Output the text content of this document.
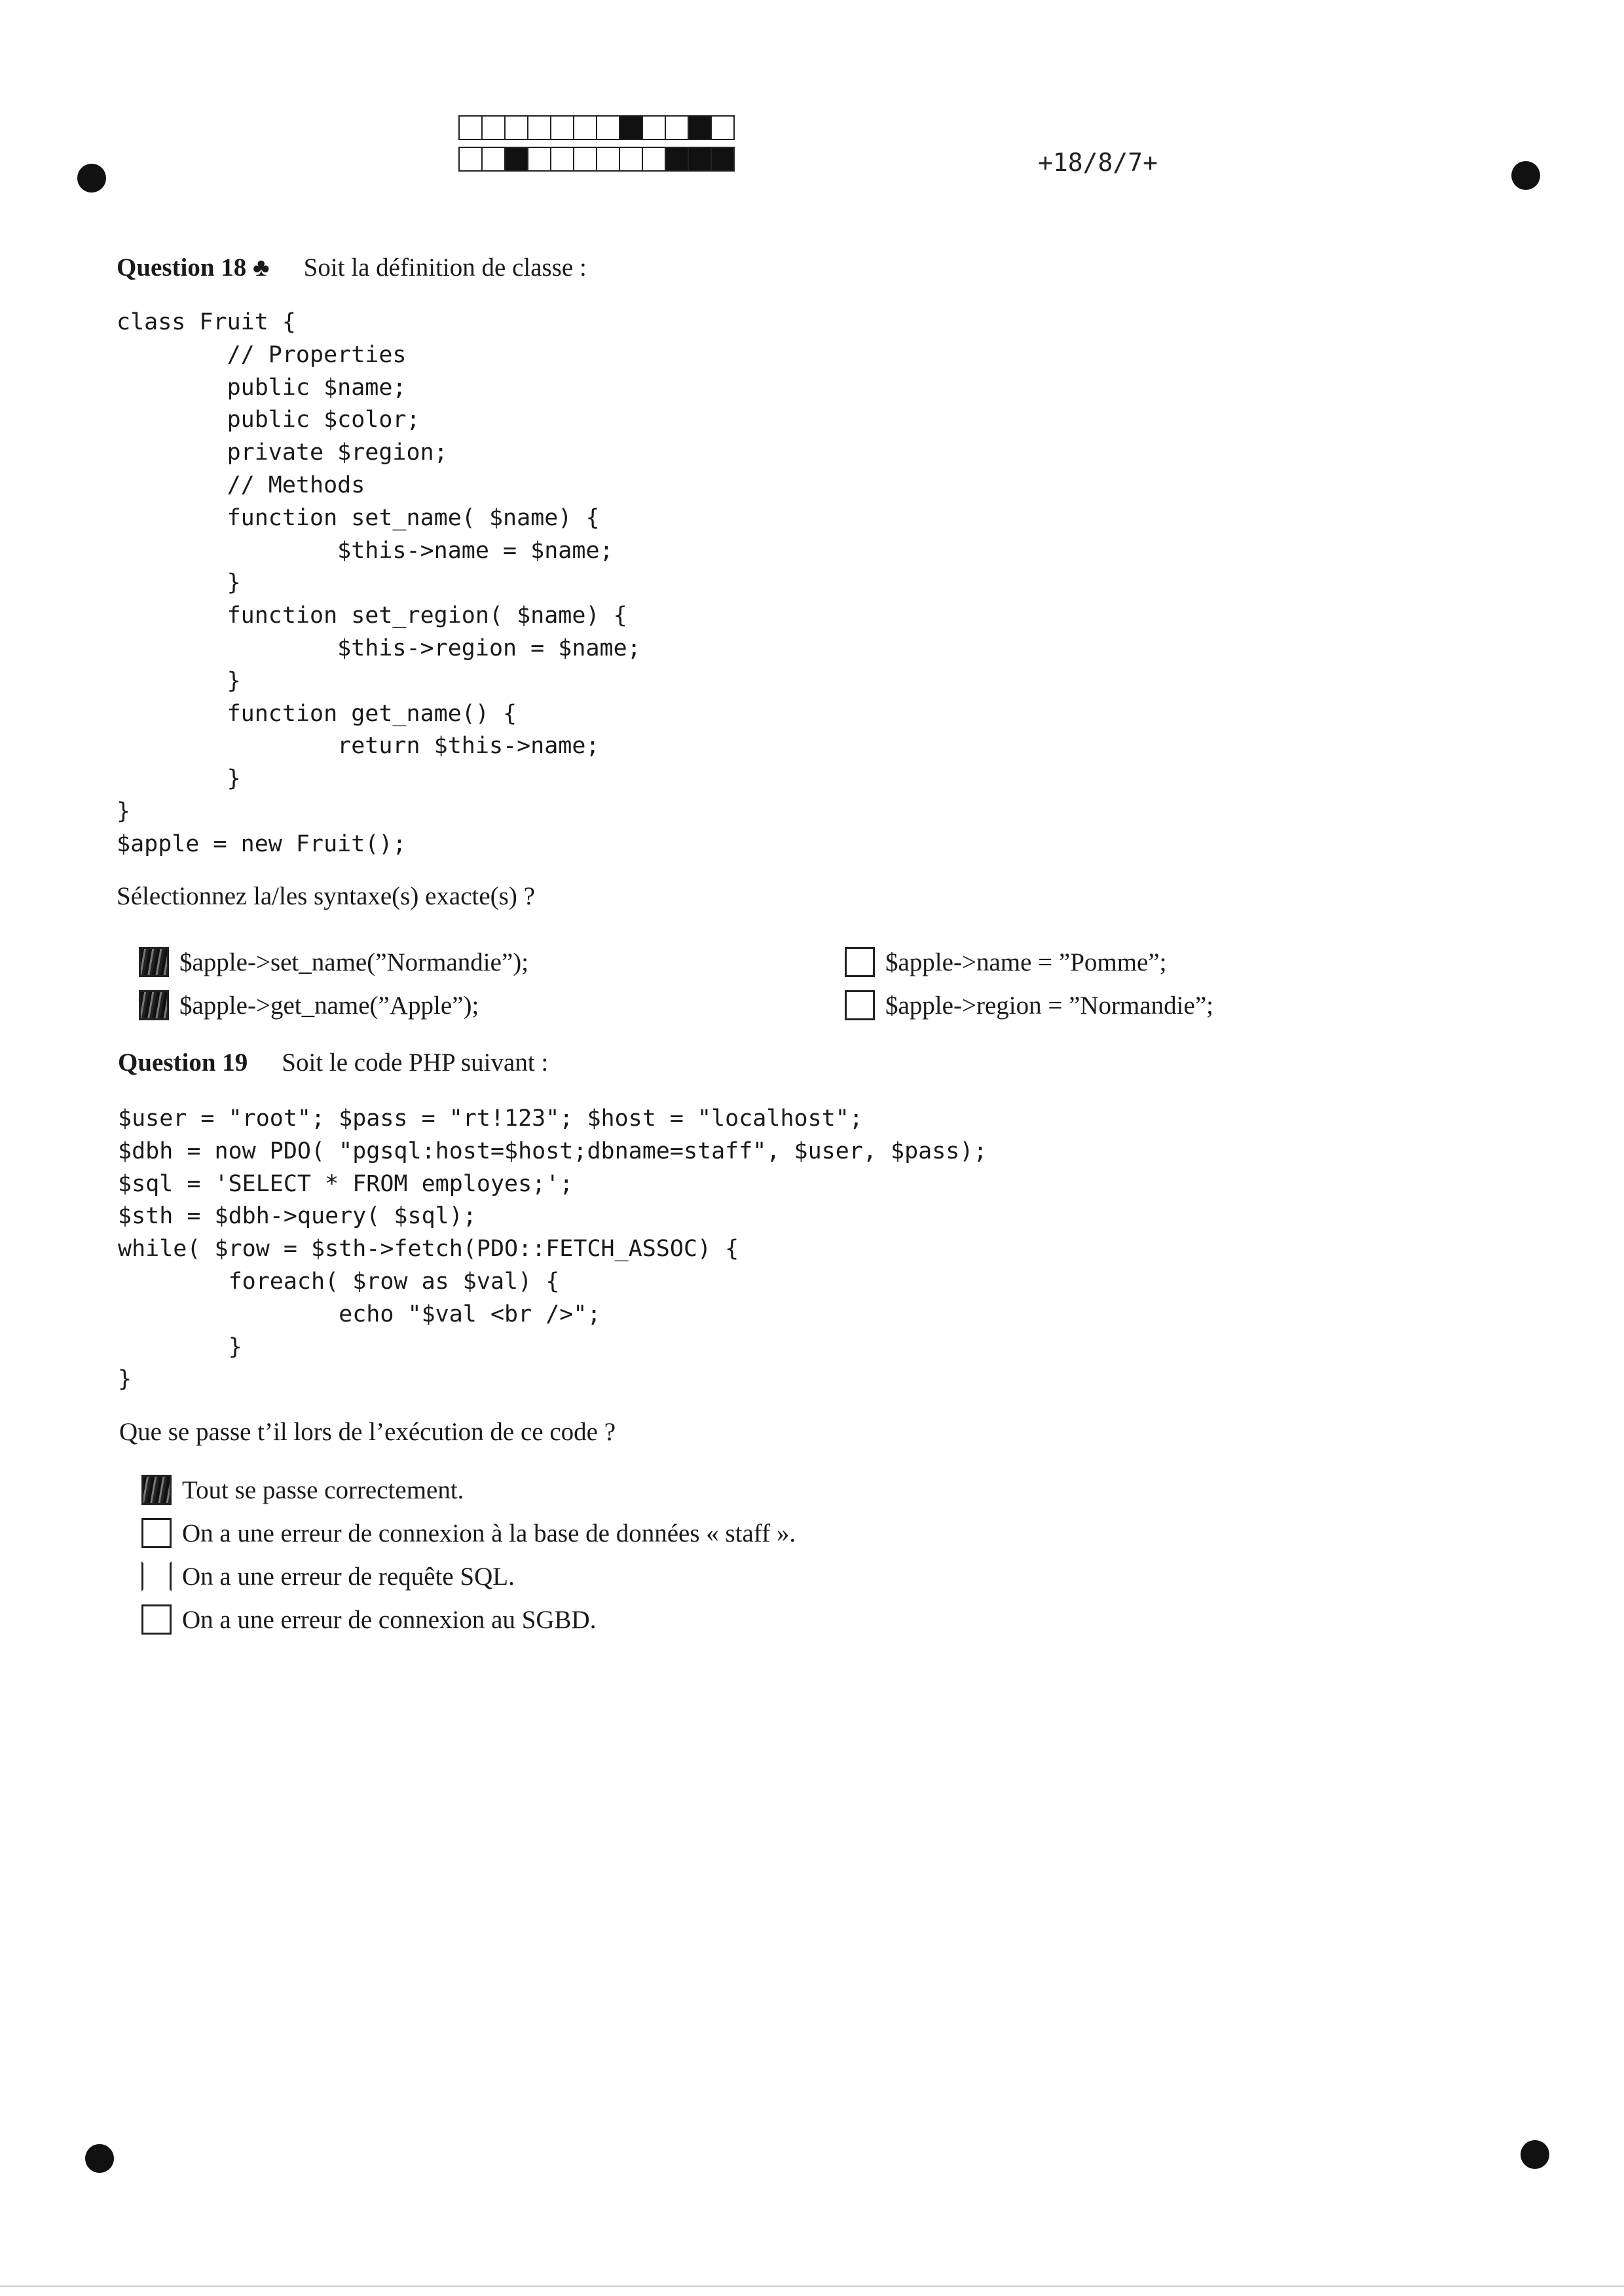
+18/8/7+
Question 18 ♣ Soit la définition de classe :
class Fruit {
// Properties
public $name;
public $color;
private $region;
// Methods
function set_name( $name) {
$this->name = $name;
}
function set_region( $name) {
$this->region = $name;
}
function get_name() {
return $this->name;
}
}
$apple = new Fruit();
Sélectionnez la/les syntaxe(s) exacte(s) ?
$apple->set_name(”Normandie”);
$apple->get_name(”Apple”);
$apple->name = ”Pomme”;
$apple->region = ”Normandie”;
Question 19 Soit le code PHP suivant :
$user = "root"; $pass = "rt!123"; $host = "localhost";
$dbh = now PDO( "pgsql:host=$host;dbname=staff", $user, $pass);
$sql = 'SELECT * FROM employes;';
$sth = $dbh->query( $sql);
while( $row = $sth->fetch(PDO::FETCH_ASSOC) {
foreach( $row as $val) {
echo "$val <br />";
}
}
Que se passe t’il lors de l’exécution de ce code ?
Tout se passe correctement.
On a une erreur de connexion à la base de données « staff ».
On a une erreur de requête SQL.
On a une erreur de connexion au SGBD.
